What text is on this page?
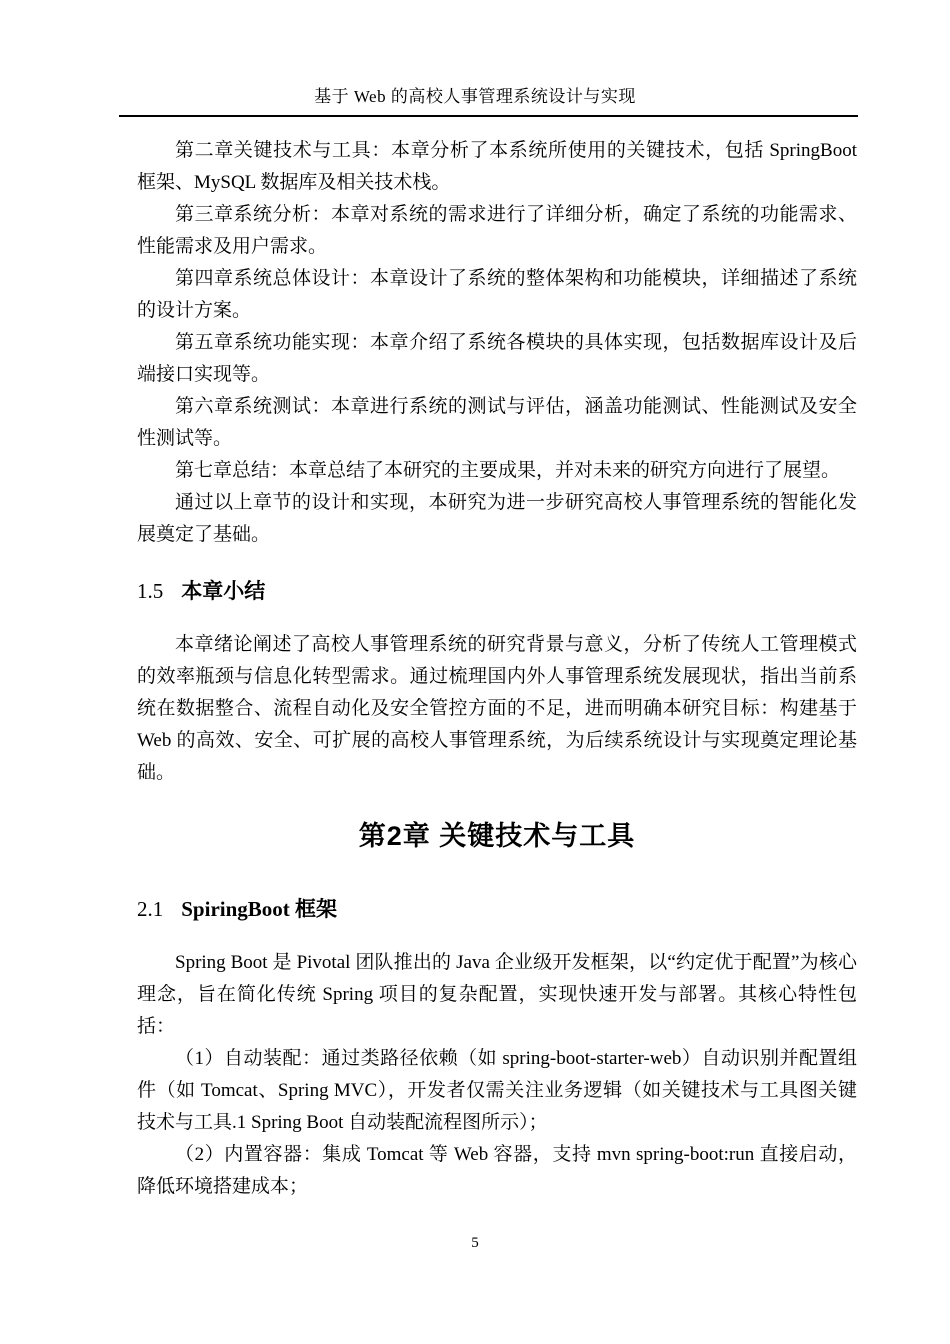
基于 Web 的高校人事管理系统设计与实现

第二章关键技术与工具：本章分析了本系统所使用的关键技术，包括 SpringBoot 框架、MySQL 数据库及相关技术栈。

第三章系统分析：本章对系统的需求进行了详细分析，确定了系统的功能需求、性能需求及用户需求。

第四章系统总体设计：本章设计了系统的整体架构和功能模块，详细描述了系统的设计方案。

第五章系统功能实现：本章介绍了系统各模块的具体实现，包括数据库设计及后端接口实现等。

第六章系统测试：本章进行系统的测试与评估，涵盖功能测试、性能测试及安全性测试等。

第七章总结：本章总结了本研究的主要成果，并对未来的研究方向进行了展望。

通过以上章节的设计和实现，本研究为进一步研究高校人事管理系统的智能化发展奠定了基础。

1.5 本章小结

本章绪论阐述了高校人事管理系统的研究背景与意义，分析了传统人工管理模式的效率瓶颈与信息化转型需求。通过梳理国内外人事管理系统发展现状，指出当前系统在数据整合、流程自动化及安全管控方面的不足，进而明确本研究目标：构建基于 Web 的高效、安全、可扩展的高校人事管理系统，为后续系统设计与实现奠定理论基础。

第2章 关键技术与工具
2.1 SpiringBoot 框架

Spring Boot 是 Pivotal 团队推出的 Java 企业级开发框架，以“约定优于配置”为核心理念，旨在简化传统 Spring 项目的复杂配置，实现快速开发与部署。其核心特性包括：

（1）自动装配：通过类路径依赖（如 spring-boot-starter-web）自动识别并配置组件（如 Tomcat、Spring MVC），开发者仅需关注业务逻辑（如关键技术与工具图关键技术与工具.1 Spring Boot 自动装配流程图所示）；

（2）内置容器：集成 Tomcat 等 Web 容器，支持 mvn spring-boot:run 直接启动，降低环境搭建成本；

5
